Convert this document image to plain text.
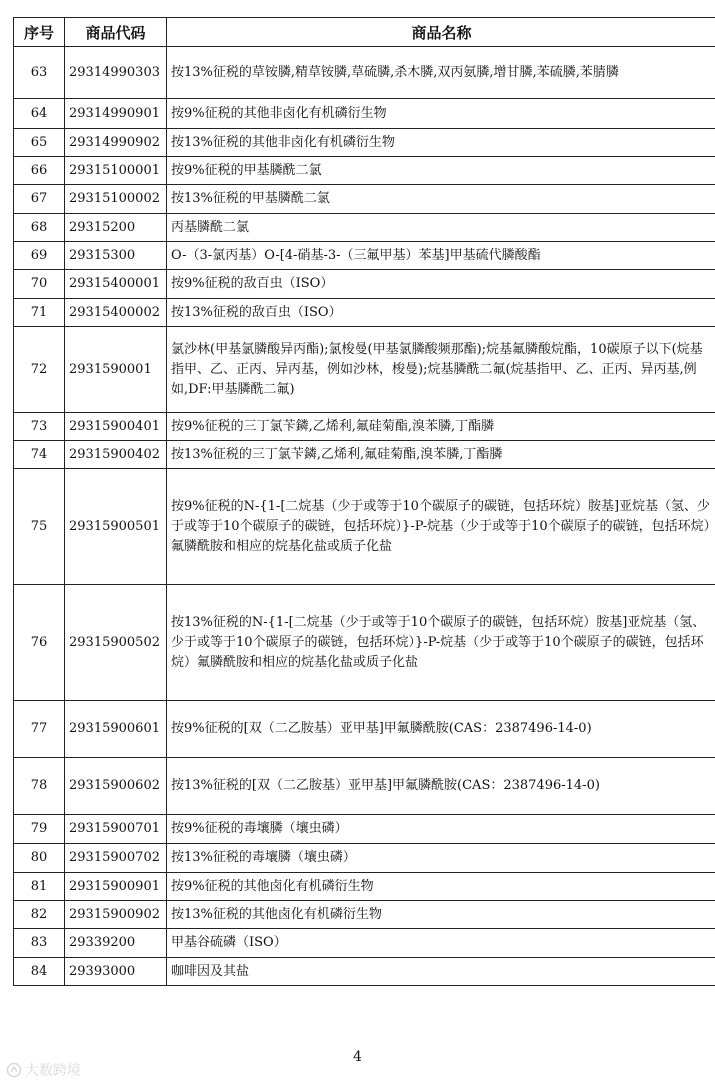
序号	商品代码	商品名称
63	29314990303	按13%征税的草铵膦,精草铵膦,草硫膦,杀木膦,双丙氨膦,增甘膦,苯硫膦,苯腈膦
64	29314990901	按9%征税的其他非卤化有机磷衍生物
65	29314990902	按13%征税的其他非卤化有机磷衍生物
66	29315100001	按9%征税的甲基膦酰二氯
67	29315100002	按13%征税的甲基膦酰二氯
68	29315200	丙基膦酰二氯
69	29315300	O-（3-氯丙基）O-[4-硝基-3-（三氟甲基）苯基]甲基硫代膦酸酯
70	29315400001	按9%征税的敌百虫（ISO）
71	29315400002	按13%征税的敌百虫（ISO）
72	2931590001	氯沙林(甲基氯膦酸异丙酯);氯梭曼(甲基氯膦酸频那酯);烷基氟膦酸烷酯，10碳原子以下(烷基指甲、乙、正丙、异丙基，例如沙林，梭曼);烷基膦酰二氟(烷基指甲、乙、正丙、异丙基,例如,DF:甲基膦酰二氟)
73	29315900401	按9%征税的三丁氯苄鏻,乙烯利,氟硅菊酯,溴苯膦,丁酯膦
74	29315900402	按13%征税的三丁氯苄鏻,乙烯利,氟硅菊酯,溴苯膦,丁酯膦
75	29315900501	按9%征税的N-{1-[二烷基（少于或等于10个碳原子的碳链，包括环烷）胺基]亚烷基（氢、少于或等于10个碳原子的碳链，包括环烷）}-P-烷基（少于或等于10个碳原子的碳链，包括环烷）氟膦酰胺和相应的烷基化盐或质子化盐
76	29315900502	按13%征税的N-{1-[二烷基（少于或等于10个碳原子的碳链，包括环烷）胺基]亚烷基（氢、少于或等于10个碳原子的碳链，包括环烷）}-P-烷基（少于或等于10个碳原子的碳链，包括环烷）氟膦酰胺和相应的烷基化盐或质子化盐
77	29315900601	按9%征税的[双（二乙胺基）亚甲基]甲氟膦酰胺(CAS：2387496-14-0)
78	29315900602	按13%征税的[双（二乙胺基）亚甲基]甲氟膦酰胺(CAS：2387496-14-0)
79	29315900701	按9%征税的毒壤膦（壤虫磷）
80	29315900702	按13%征税的毒壤膦（壤虫磷）
81	29315900901	按9%征税的其他卤化有机磷衍生物
82	29315900902	按13%征税的其他卤化有机磷衍生物
83	29339200	甲基谷硫磷（ISO）
84	29393000	咖啡因及其盐
4
大数跨境
